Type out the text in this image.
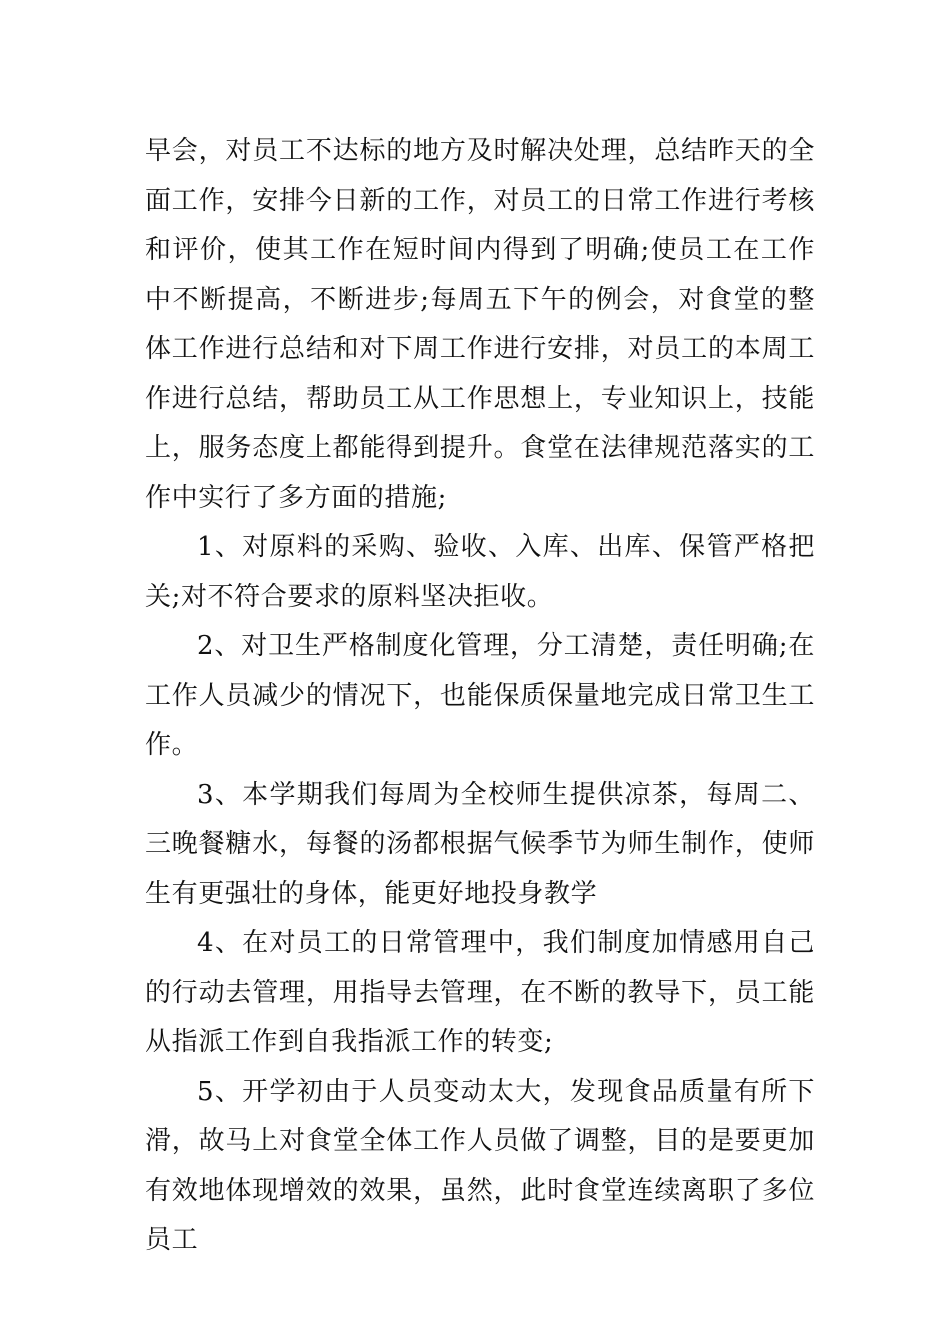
早会，对员工不达标的地方及时解决处理，总结昨天的全面工作，安排今日新的工作，对员工的日常工作进行考核和评价，使其工作在短时间内得到了明确;使员工在工作中不断提高，不断进步;每周五下午的例会，对食堂的整体工作进行总结和对下周工作进行安排，对员工的本周工作进行总结，帮助员工从工作思想上，专业知识上，技能上，服务态度上都能得到提升。食堂在法律规范落实的工作中实行了多方面的措施;

1、对原料的采购、验收、入库、出库、保管严格把关;对不符合要求的原料坚决拒收。

2、对卫生严格制度化管理，分工清楚，责任明确;在工作人员减少的情况下，也能保质保量地完成日常卫生工作。

3、本学期我们每周为全校师生提供凉茶，每周二、三晚餐糖水，每餐的汤都根据气候季节为师生制作，使师生有更强壮的身体，能更好地投身教学

4、在对员工的日常管理中，我们制度加情感用自己的行动去管理，用指导去管理，在不断的教导下，员工能从指派工作到自我指派工作的转变;

5、开学初由于人员变动太大，发现食品质量有所下滑，故马上对食堂全体工作人员做了调整，目的是要更加有效地体现增效的效果，虽然，此时食堂连续离职了多位员工
